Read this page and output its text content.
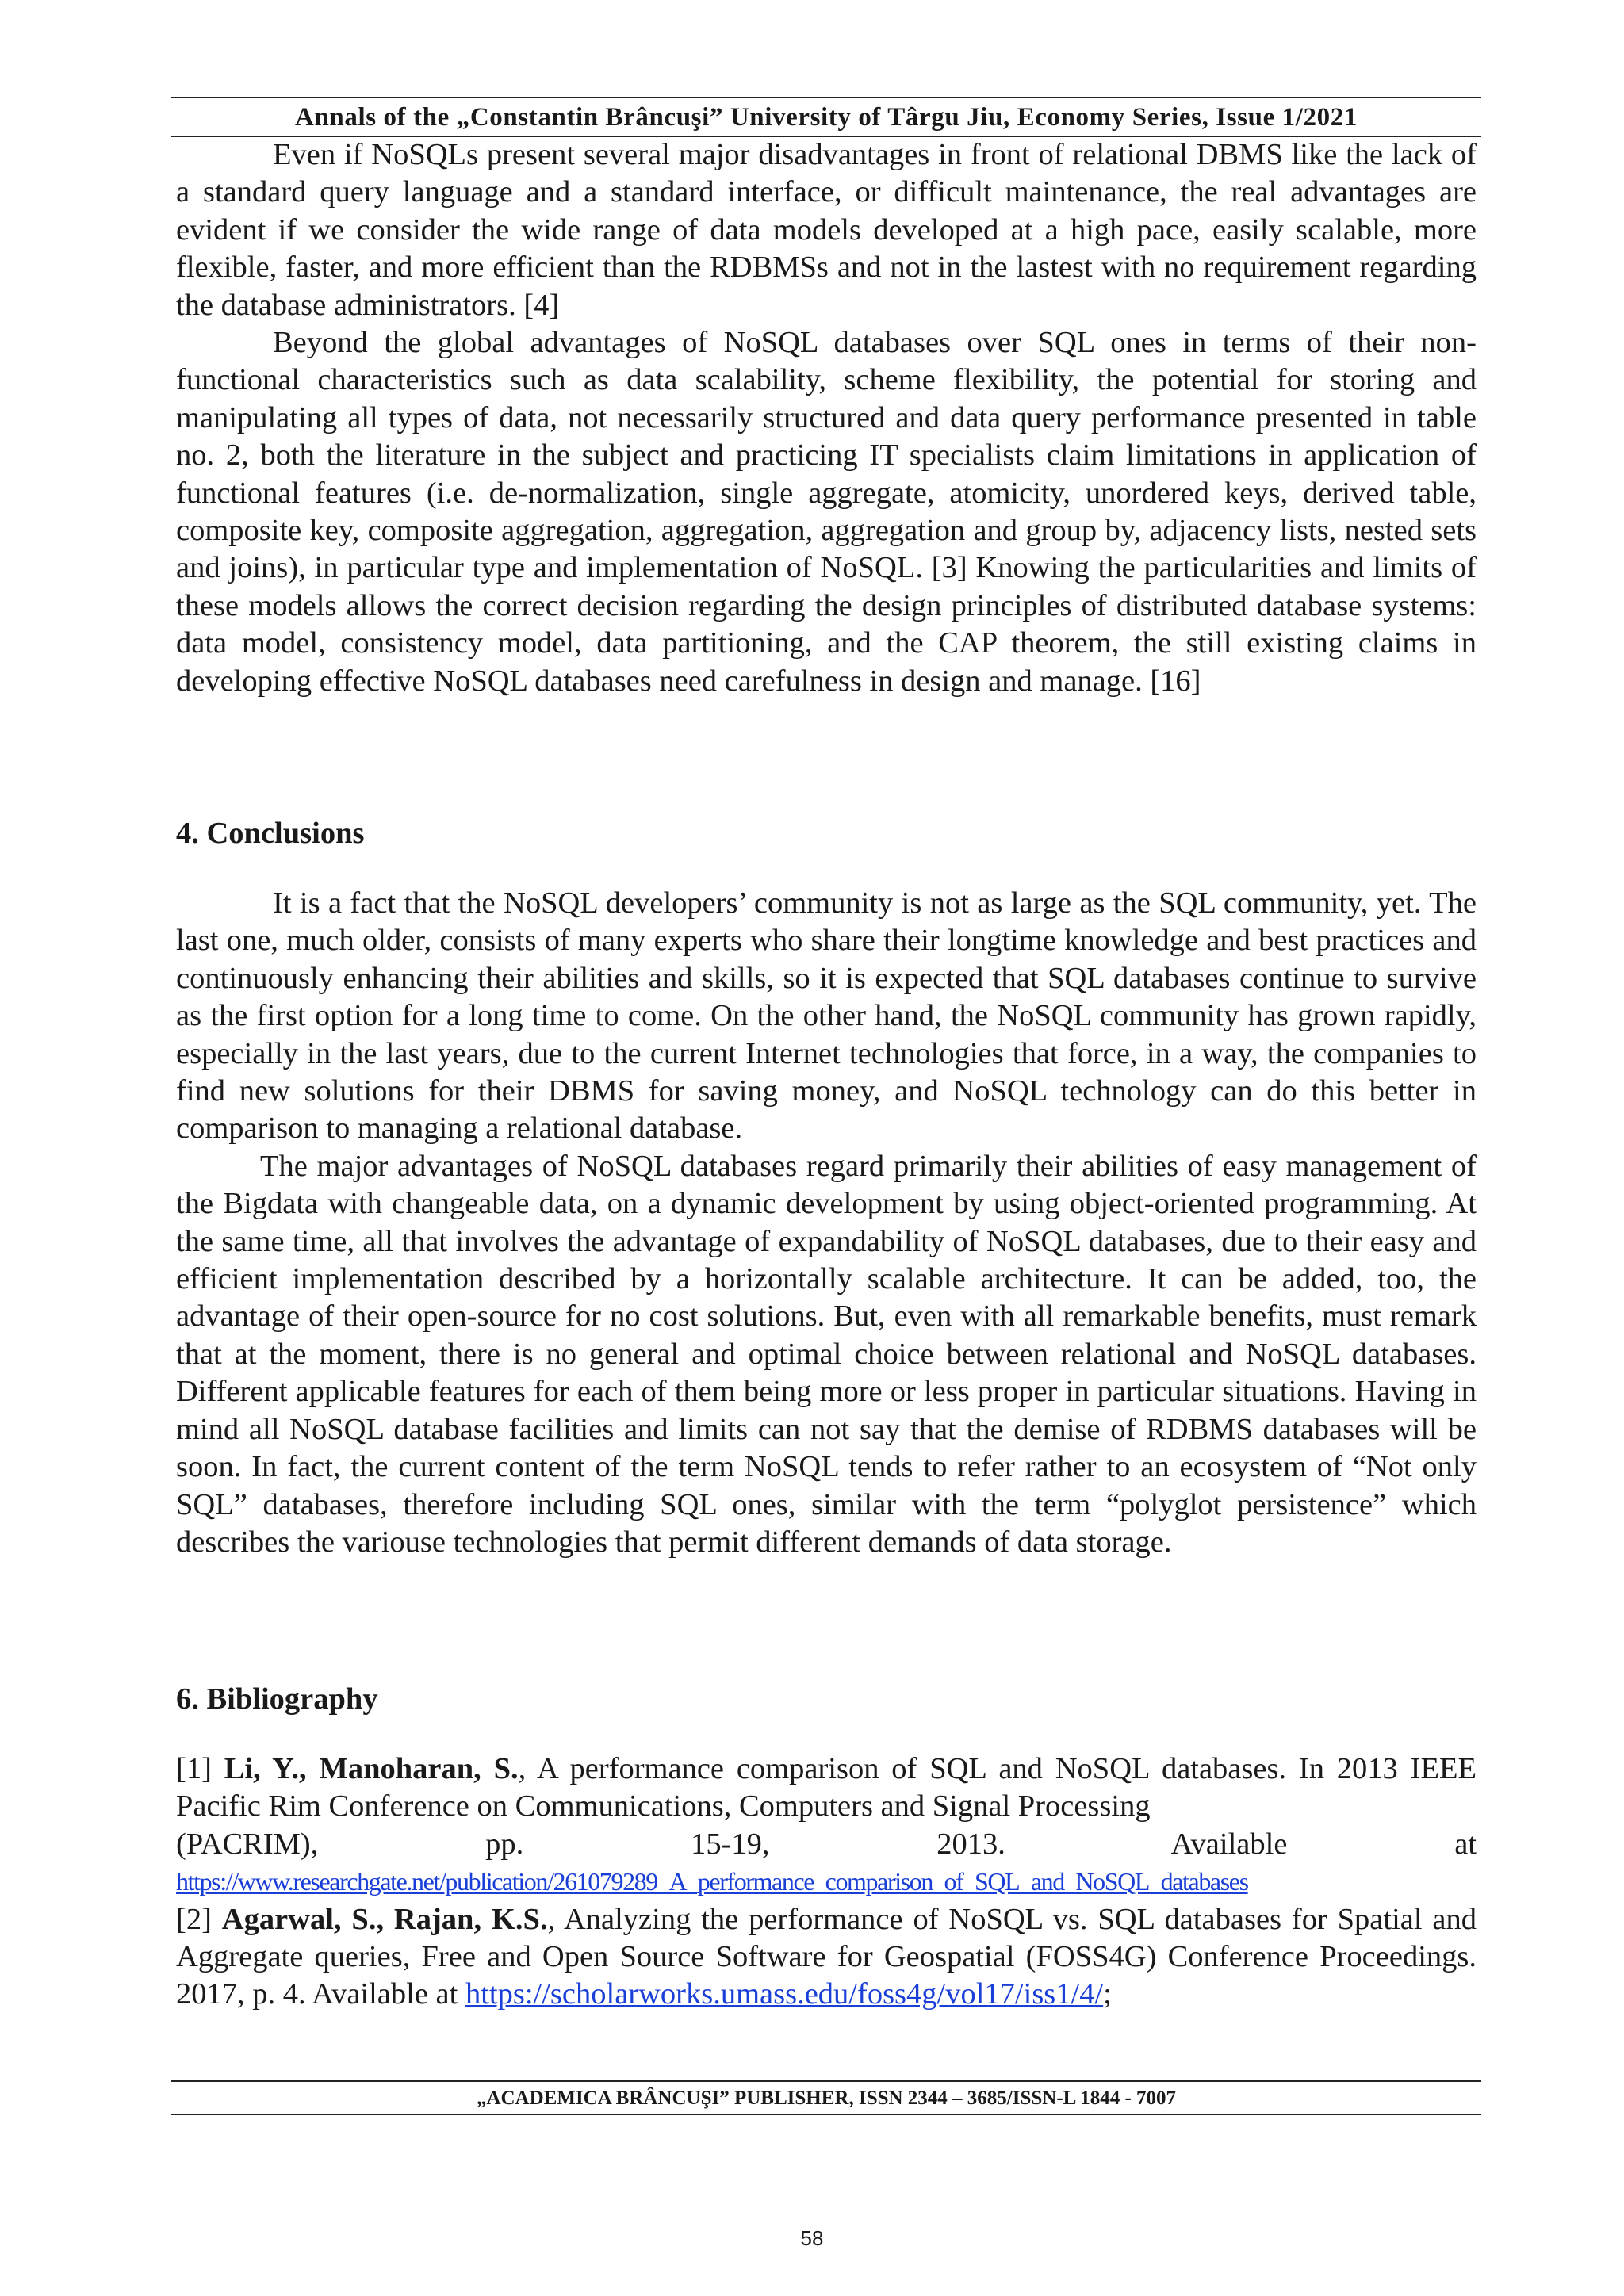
Annals of the „Constantin Brâncuşi” University of Târgu Jiu, Economy Series, Issue 1/2021

Even if NoSQLs present several major disadvantages in front of relational DBMS like the lack of a standard query language and a standard interface, or difficult maintenance, the real advantages are evident if we consider the wide range of data models developed at a high pace, easily scalable, more flexible, faster, and more efficient than the RDBMSs and not in the lastest with no requirement regarding the database administrators. [4]

Beyond the global advantages of NoSQL databases over SQL ones in terms of their non-functional characteristics such as data scalability, scheme flexibility, the potential for storing and manipulating all types of data, not necessarily structured and data query performance presented in table no. 2, both the literature in the subject and practicing IT specialists claim limitations in application of functional features (i.e. de-normalization, single aggregate, atomicity, unordered keys, derived table, composite key, composite aggregation, aggregation, aggregation and group by, adjacency lists, nested sets and joins), in particular type and implementation of NoSQL. [3] Knowing the particularities and limits of these models allows the correct decision regarding the design principles of distributed database systems: data model, consistency model, data partitioning, and the CAP theorem, the still existing claims in developing effective NoSQL databases need carefulness in design and manage. [16]

4. Conclusions

It is a fact that the NoSQL developers’ community is not as large as the SQL community, yet. The last one, much older, consists of many experts who share their longtime knowledge and best practices and continuously enhancing their abilities and skills, so it is expected that SQL databases continue to survive as the first option for a long time to come. On the other hand, the NoSQL community has grown rapidly, especially in the last years, due to the current Internet technologies that force, in a way, the companies to find new solutions for their DBMS for saving money, and NoSQL technology can do this better in comparison to managing a relational database.

The major advantages of NoSQL databases regard primarily their abilities of easy management of the Bigdata with changeable data, on a dynamic development by using object-oriented programming. At the same time, all that involves the advantage of expandability of NoSQL databases, due to their easy and efficient implementation described by a horizontally scalable architecture. It can be added, too, the advantage of their open-source for no cost solutions. But, even with all remarkable benefits, must remark that at the moment, there is no general and optimal choice between relational and NoSQL databases. Different applicable features for each of them being more or less proper in particular situations. Having in mind all NoSQL database facilities and limits can not say that the demise of RDBMS databases will be soon. In fact, the current content of the term NoSQL tends to refer rather to an ecosystem of “Not only SQL” databases, therefore including SQL ones, similar with the term “polyglot persistence” which describes the variouse technologies that permit different demands of data storage.

6. Bibliography

[1] Li, Y., Manoharan, S., A performance comparison of SQL and NoSQL databases. In 2013 IEEE Pacific Rim Conference on Communications, Computers and Signal Processing
(PACRIM), pp. 15-19, 2013. Available at
https://www.researchgate.net/publication/261079289_A_performance_comparison_of_SQL_and_NoSQL_databases

[2] Agarwal, S., Rajan, K.S., Analyzing the performance of NoSQL vs. SQL databases for Spatial and Aggregate queries, Free and Open Source Software for Geospatial (FOSS4G) Conference Proceedings. 2017, p. 4. Available at https://scholarworks.umass.edu/foss4g/vol17/iss1/4/;

„ACADEMICA BRÂNCUŞI” PUBLISHER, ISSN 2344 – 3685/ISSN-L 1844 - 7007
58
